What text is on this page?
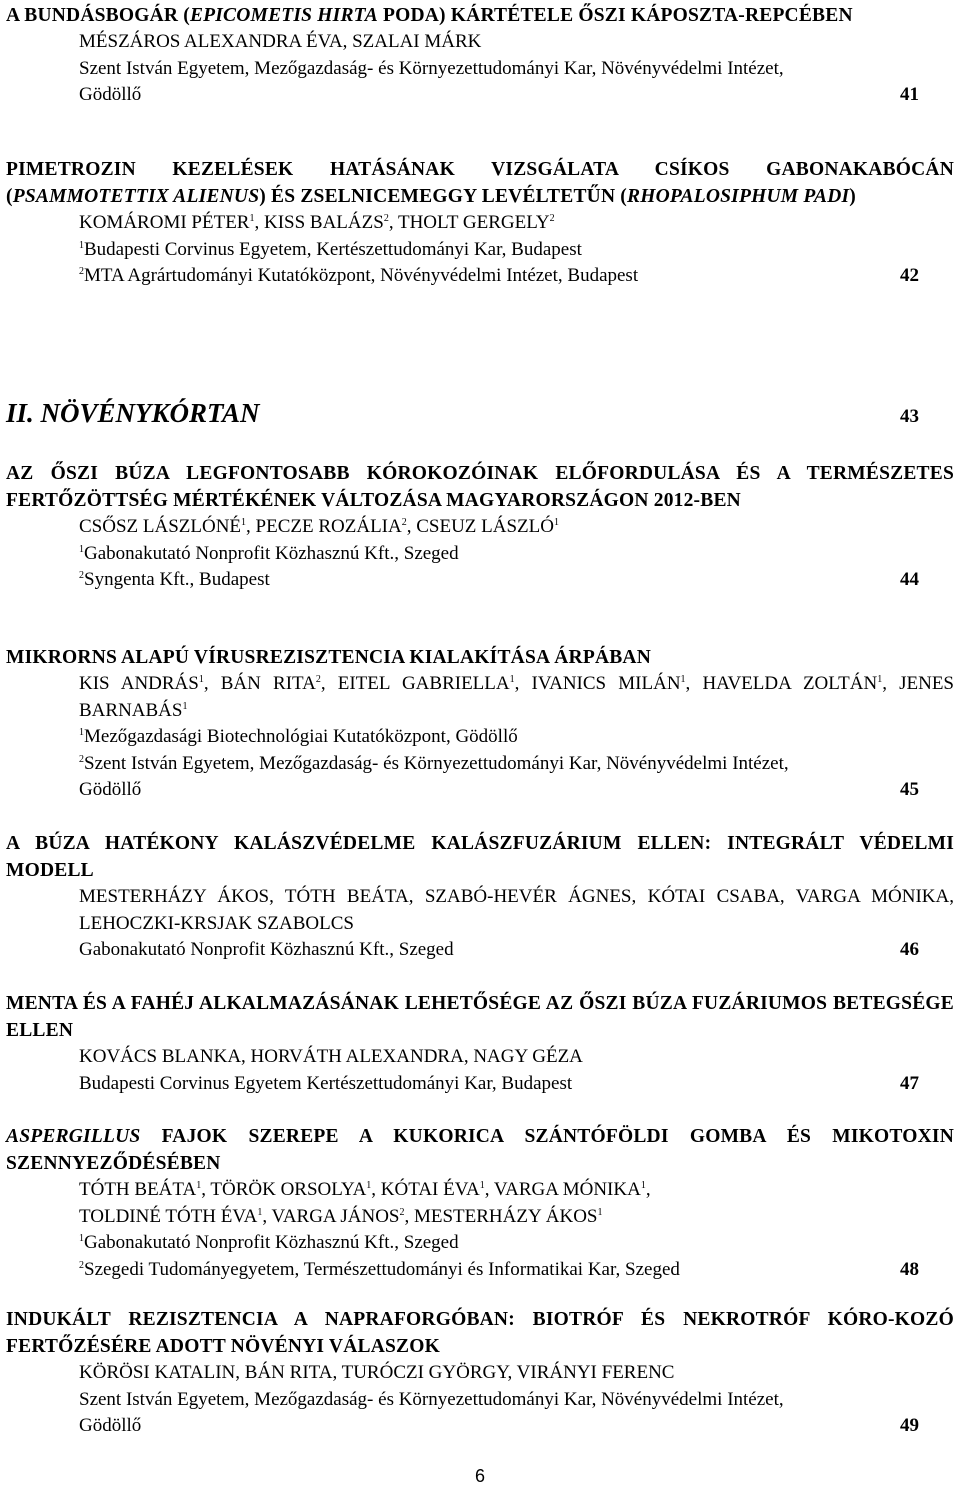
A BUNDÁSBOGÁR (EPICOMETIS HIRTA PODA) KÁRTÉTELE ŐSZI KÁPOSZTA-REPCÉBEN
MÉSZÁROS ALEXANDRA ÉVA, SZALAI MÁRK
Szent István Egyetem, Mezőgazdaság- és Környezettudományi Kar, Növényvédelmi Intézet,
Gödöllő	41
PIMETROZIN KEZELÉSEK HATÁSÁNAK VIZSGÁLATA CSÍKOS GABONAKABÓCÁN (PSAMMOTETTIX ALIENUS) ÉS ZSELNICEMEGGY LEVÉLTETŰN (RHOPALOSIPHUM PADI)
KOMÁROMI PÉTER$^1$, KISS BALÁZS$^2$, THOLT GERGELY$^2$
$^1$Budapesti Corvinus Egyetem, Kertészettudományi Kar, Budapest
$^2$MTA Agrártudományi Kutatóközpont, Növényvédelmi Intézet, Budapest	42
II. NÖVÉNYKÓRTAN	43
AZ ŐSZI BÚZA LEGFONTOSABB KÓROKOZÓINAK ELŐFORDULÁSA ÉS A TERMÉSZETES FERTŐZÖTTSÉG MÉRTÉKÉNEK VÁLTOZÁSA MAGYARORSZÁGON 2012-BEN
CSŐSZ LÁSZLÓNÉ$^1$, PECZE ROZÁLIA$^2$, CSEUZ LÁSZLÓ$^1$
$^1$Gabonakutató Nonprofit Közhasznú Kft., Szeged
$^2$Syngenta Kft., Budapest	44
MIKRORNS ALAPÚ VÍRUSREZISZTENCIA KIALAKÍTÁSA ÁRPÁBAN
KIS ANDRÁS$^1$, BÁN RITA$^2$, EITEL GABRIELLA$^1$, IVANICS MILÁN$^1$, HAVELDA ZOLTÁN$^1$, JENES BARNABÁS$^1$
$^1$Mezőgazdasági Biotechnológiai Kutatóközpont, Gödöllő
$^2$Szent István Egyetem, Mezőgazdaság- és Környezettudományi Kar, Növényvédelmi Intézet,
Gödöllő	45
A BÚZA HATÉKONY KALÁSZVÉDELME KALÁSZFUZÁRIUM ELLEN: INTEGRÁLT VÉDELMI MODELL
MESTERHÁZY ÁKOS, TÓTH BEÁTA, SZABÓ-HEVÉR ÁGNES, KÓTAI CSABA, VARGA MÓNIKA, LEHOCZKI-KRSJAK SZABOLCS
Gabonakutató Nonprofit Közhasznú Kft., Szeged	46
MENTA ÉS A FAHÉJ ALKALMAZÁSÁNAK LEHETŐSÉGE AZ ŐSZI BÚZA FUZÁRIUMOS BETEGSÉGE ELLEN
KOVÁCS BLANKA, HORVÁTH ALEXANDRA, NAGY GÉZA
Budapesti Corvinus Egyetem Kertészettudományi Kar, Budapest	47
ASPERGILLUS FAJOK SZEREPE A KUKORICA SZÁNTÓFÖLDI GOMBA ÉS MIKOTOXIN SZENNYEZŐDÉSÉBEN
TÓTH BEÁTA$^1$, TÖRÖK ORSOLYA$^1$, KÓTAI ÉVA$^1$, VARGA MÓNIKA$^1$,
TOLDINÉ TÓTH ÉVA$^1$, VARGA JÁNOS$^2$, MESTERHÁZY ÁKOS$^1$
$^1$Gabonakutató Nonprofit Közhasznú Kft., Szeged
$^2$Szegedi Tudományegyetem, Természettudományi és Informatikai Kar, Szeged	48
INDUKÁLT REZISZTENCIA A NAPRAFORGÓBAN: BIOTRÓF ÉS NEKROTRÓF KÓRO-KOZÓ FERTŐZÉSÉRE ADOTT NÖVÉNYI VÁLASZOK
KÖRÖSI KATALIN, BÁN RITA, TURÓCZI GYÖRGY, VIRÁNYI FERENC
Szent István Egyetem, Mezőgazdaság- és Környezettudományi Kar, Növényvédelmi Intézet,
Gödöllő	49
6
